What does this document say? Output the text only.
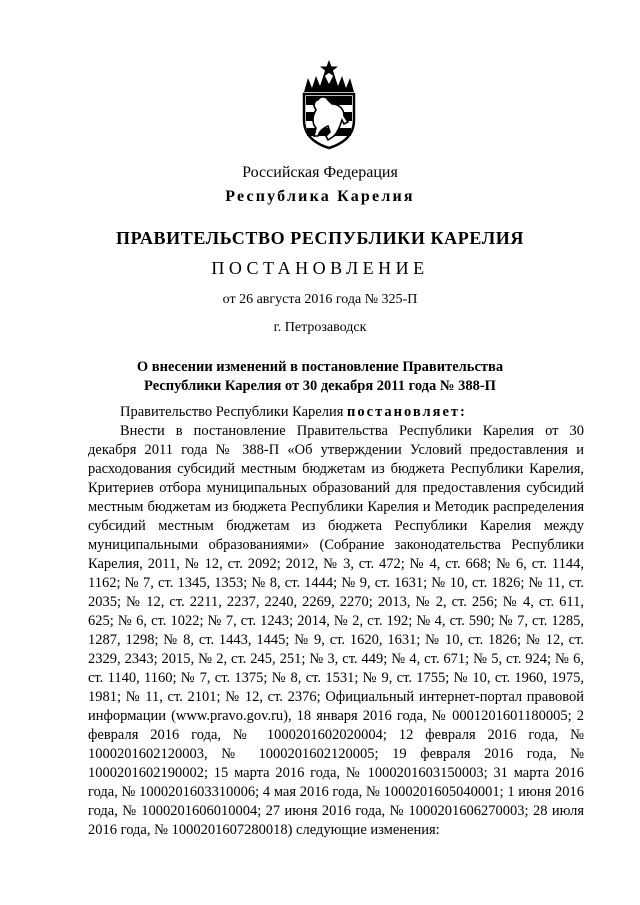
Российская Федерация
Республика Карелия
ПРАВИТЕЛЬСТВО РЕСПУБЛИКИ КАРЕЛИЯ
ПОСТАНОВЛЕНИЕ
от 26 августа 2016 года № 325-П
г. Петрозаводск
О внесении изменений в постановление Правительства
Республики Карелия от 30 декабря 2011 года № 388-П

Правительство Республики Карелия постановляет:

Внести в постановление Правительства Республики Карелия от 30 декабря 2011 года № 388-П «Об утверждении Условий предоставления и расходования субсидий местным бюджетам из бюджета Республики Карелия, Критериев отбора муниципальных образований для предоставления субсидий местным бюджетам из бюджета Республики Карелия и Методик распределения субсидий местным бюджетам из бюджета Республики Карелия между муниципальными образованиями» (Собрание законодательства Республики Карелия, 2011, № 12, ст. 2092; 2012, № 3, ст. 472; № 4, ст. 668; № 6, ст. 1144, 1162; № 7, ст. 1345, 1353; № 8, ст. 1444; № 9, ст. 1631; № 10, ст. 1826; № 11, ст. 2035; № 12, ст. 2211, 2237, 2240, 2269, 2270; 2013, № 2, ст. 256; № 4, ст. 611, 625; № 6, ст. 1022; № 7, ст. 1243; 2014, № 2, ст. 192; № 4, ст. 590; № 7, ст. 1285, 1287, 1298; № 8, ст. 1443, 1445; № 9, ст. 1620, 1631; № 10, ст. 1826; № 12, ст. 2329, 2343; 2015, № 2, ст. 245, 251; № 3, ст. 449; № 4, ст. 671; № 5, ст. 924; № 6, ст. 1140, 1160; № 7, ст. 1375; № 8, ст. 1531; № 9, ст. 1755; № 10, ст. 1960, 1975, 1981; № 11, ст. 2101; № 12, ст. 2376; Официальный интернет-портал правовой информации (www.pravo.gov.ru), 18 января 2016 года, № 0001201601180005; 2 февраля 2016 года, № 1000201602020004; 12 февраля 2016 года, № 1000201602120003, № 1000201602120005; 19 февраля 2016 года, № 1000201602190002; 15 марта 2016 года, № 1000201603150003; 31 марта 2016 года, № 1000201603310006; 4 мая 2016 года, № 1000201605040001; 1 июня 2016 года, № 1000201606010004; 27 июня 2016 года, № 1000201606270003; 28 июля 2016 года, № 1000201607280018) следующие изменения:
